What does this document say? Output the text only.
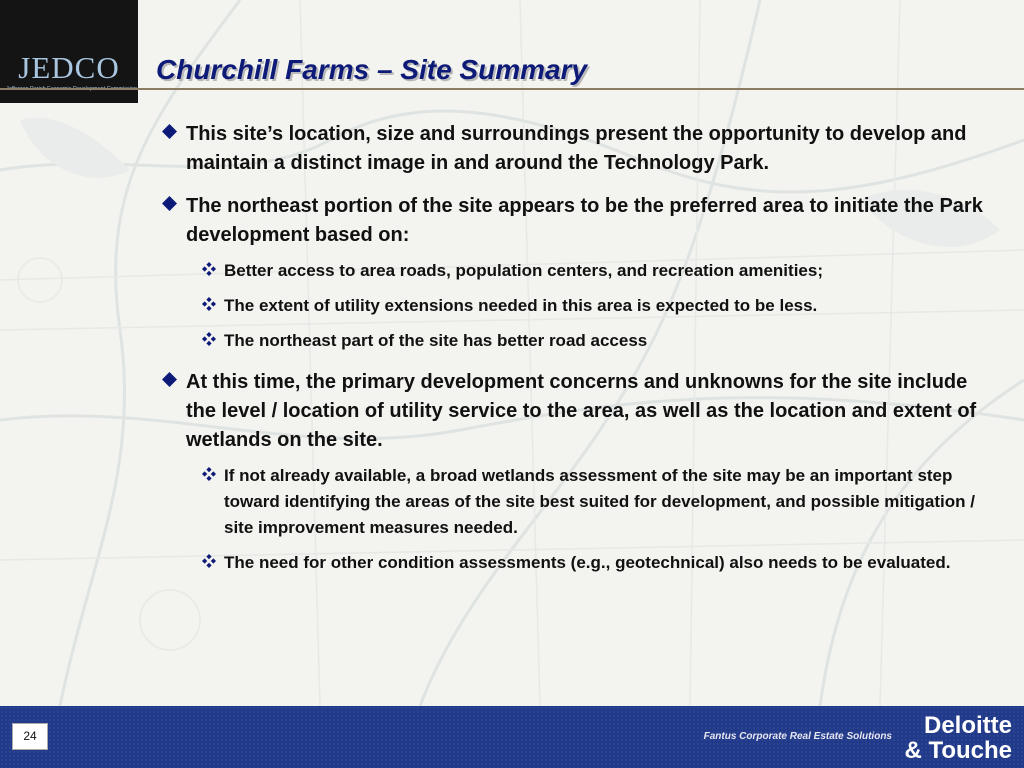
JEDCO	Churchill Farms – Site Summary
This site’s location, size and surroundings present the opportunity to develop and maintain a distinct image in and around the Technology Park.
The northeast portion of the site appears to be the preferred area to initiate the Park development based on:
Better access to area roads, population centers, and recreation amenities;
The extent of utility extensions needed in this area is expected to be less.
The northeast part of the site has better road access
At this time, the primary development concerns and unknowns for the site include the level / location of utility service to the area, as well as the location and extent of wetlands on the site.
If not already available, a broad wetlands assessment of the site may be an important step toward identifying the areas of the site best suited for development, and possible mitigation / site improvement measures needed.
The need for other condition assessments (e.g., geotechnical) also needs to be evaluated.
24	Fantus Corporate Real Estate Solutions Deloitte
& Touche
